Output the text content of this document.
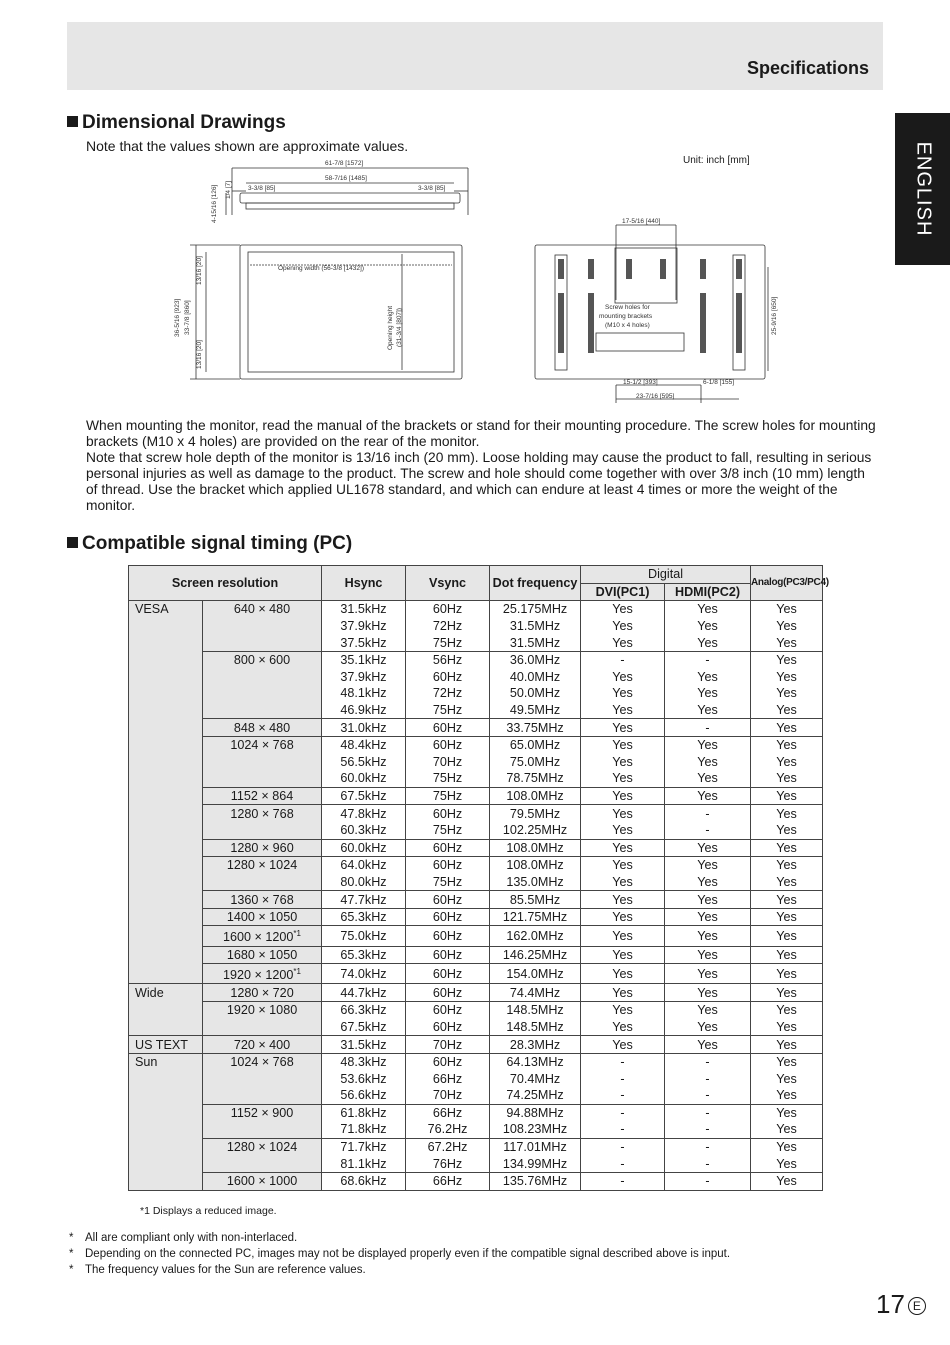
Specifications
ENGLISH
Dimensional Drawings
Note that the values shown are approximate values.
Unit: inch [mm]
61-7/8 [1572]
58-7/16 [1485]
3-3/8 [85]	3-3/8 [85]
4-15/16 [126] 1/4 [7]
Opening width (56-3/8 [1432])
Opening height (31-3/4 [807])
36-5/16 [923] 33-7/8 [860]
13/16 [20]
13/16 [20]
17-5/16 [440]
Screw holes for
mounting brackets
(M10 x 4 holes)	25-9/16 [650]
15-1/2 [393]	6-1/8 [155]
23-7/16 [595]

When mounting the monitor, read the manual of the brackets or stand for their mounting procedure. The screw holes for mounting brackets (M10 x 4 holes) are provided on the rear of the monitor.

Note that screw hole depth of the monitor is 13/16 inch (20 mm). Loose holding may cause the product to fall, resulting in serious personal injuries as well as damage to the product. The screw and hole should come together with over 3/8 inch (10 mm) length of thread. Use the bracket which applied UL1678 standard, and which can endure at least 4 times or more the weight of the monitor.

Compatible signal timing (PC)
Screen resolution		Hsync	Vsync	Dot frequency	Digital		Analog(PC3/PC4)
					DVI(PC1)	HDMI(PC2)	
VESA	640 × 480	31.5kHz	60Hz	25.175MHz	Yes	Yes	Yes
		37.9kHz	72Hz	31.5MHz	Yes	Yes	Yes
		37.5kHz	75Hz	31.5MHz	Yes	Yes	Yes
	800 × 600	35.1kHz	56Hz	36.0MHz	-	-	Yes
		37.9kHz	60Hz	40.0MHz	Yes	Yes	Yes
		48.1kHz	72Hz	50.0MHz	Yes	Yes	Yes
		46.9kHz	75Hz	49.5MHz	Yes	Yes	Yes
	848 × 480	31.0kHz	60Hz	33.75MHz	Yes	-	Yes
	1024 × 768	48.4kHz	60Hz	65.0MHz	Yes	Yes	Yes
		56.5kHz	70Hz	75.0MHz	Yes	Yes	Yes
		60.0kHz	75Hz	78.75MHz	Yes	Yes	Yes
	1152 × 864	67.5kHz	75Hz	108.0MHz	Yes	Yes	Yes
	1280 × 768	47.8kHz	60Hz	79.5MHz	Yes	-	Yes
		60.3kHz	75Hz	102.25MHz	Yes	-	Yes
	1280 × 960	60.0kHz	60Hz	108.0MHz	Yes	Yes	Yes
	1280 × 1024	64.0kHz	60Hz	108.0MHz	Yes	Yes	Yes
		80.0kHz	75Hz	135.0MHz	Yes	Yes	Yes
	1360 × 768	47.7kHz	60Hz	85.5MHz	Yes	Yes	Yes
	1400 × 1050	65.3kHz	60Hz	121.75MHz	Yes	Yes	Yes
	$1600 \times 1200^{*1}$	75.0kHz	60Hz	162.0MHz	Yes	Yes	Yes
	1680 × 1050	65.3kHz	60Hz	146.25MHz	Yes	Yes	Yes
	$1920 \times 1200^{*1}$	74.0kHz	60Hz	154.0MHz	Yes	Yes	Yes
Wide	1280 × 720	44.7kHz	60Hz	74.4MHz	Yes	Yes	Yes
	1920 × 1080	66.3kHz	60Hz	148.5MHz	Yes	Yes	Yes
		67.5kHz	60Hz	148.5MHz	Yes	Yes	Yes
US TEXT	720 × 400	31.5kHz	70Hz	28.3MHz	Yes	Yes	Yes
Sun	1024 × 768	48.3kHz	60Hz	64.13MHz	-	-	Yes
		53.6kHz	66Hz	70.4MHz	-	-	Yes
		56.6kHz	70Hz	74.25MHz	-	-	Yes
	1152 × 900	61.8kHz	66Hz	94.88MHz	-	-	Yes
		71.8kHz	76.2Hz	108.23MHz	-	-	Yes
	1280 × 1024	71.7kHz	67.2Hz	117.01MHz	-	-	Yes
		81.1kHz	76Hz	134.99MHz	-	-	Yes
	1600 × 1000	68.6kHz	66Hz	135.76MHz	-	-	Yes
*1 Displays a reduced image.
* All are compliant only with non-interlaced.
* Depending on the connected PC, images may not be displayed properly even if the compatible signal described above is input.
* The frequency values for the Sun are reference values.
17 E
